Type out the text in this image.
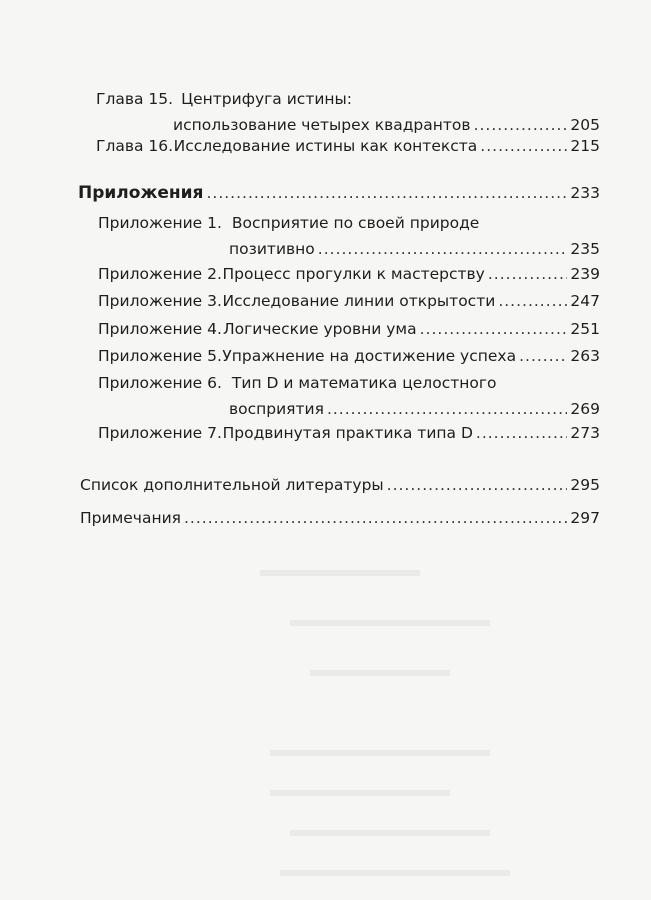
Глава 15. Центрифуга истины:
использование четырех квадрантов .....	205
Глава 16. Исследование истины как контекста .....	215
Приложения .....	233
Приложение 1. Восприятие по своей природе
позитивно .....	235
Приложение 2. Процесс прогулки к мастерству .....	239
Приложение 3. Исследование линии открытости .....	247
Приложение 4. Логические уровни ума .....	251
Приложение 5. Упражнение на достижение успеха .....	263
Приложение 6. Тип D и математика целостного
восприятия .....	269
Приложение 7. Продвинутая практика типа D .....	273
Список дополнительной литературы .....	295
Примечания .....	297
